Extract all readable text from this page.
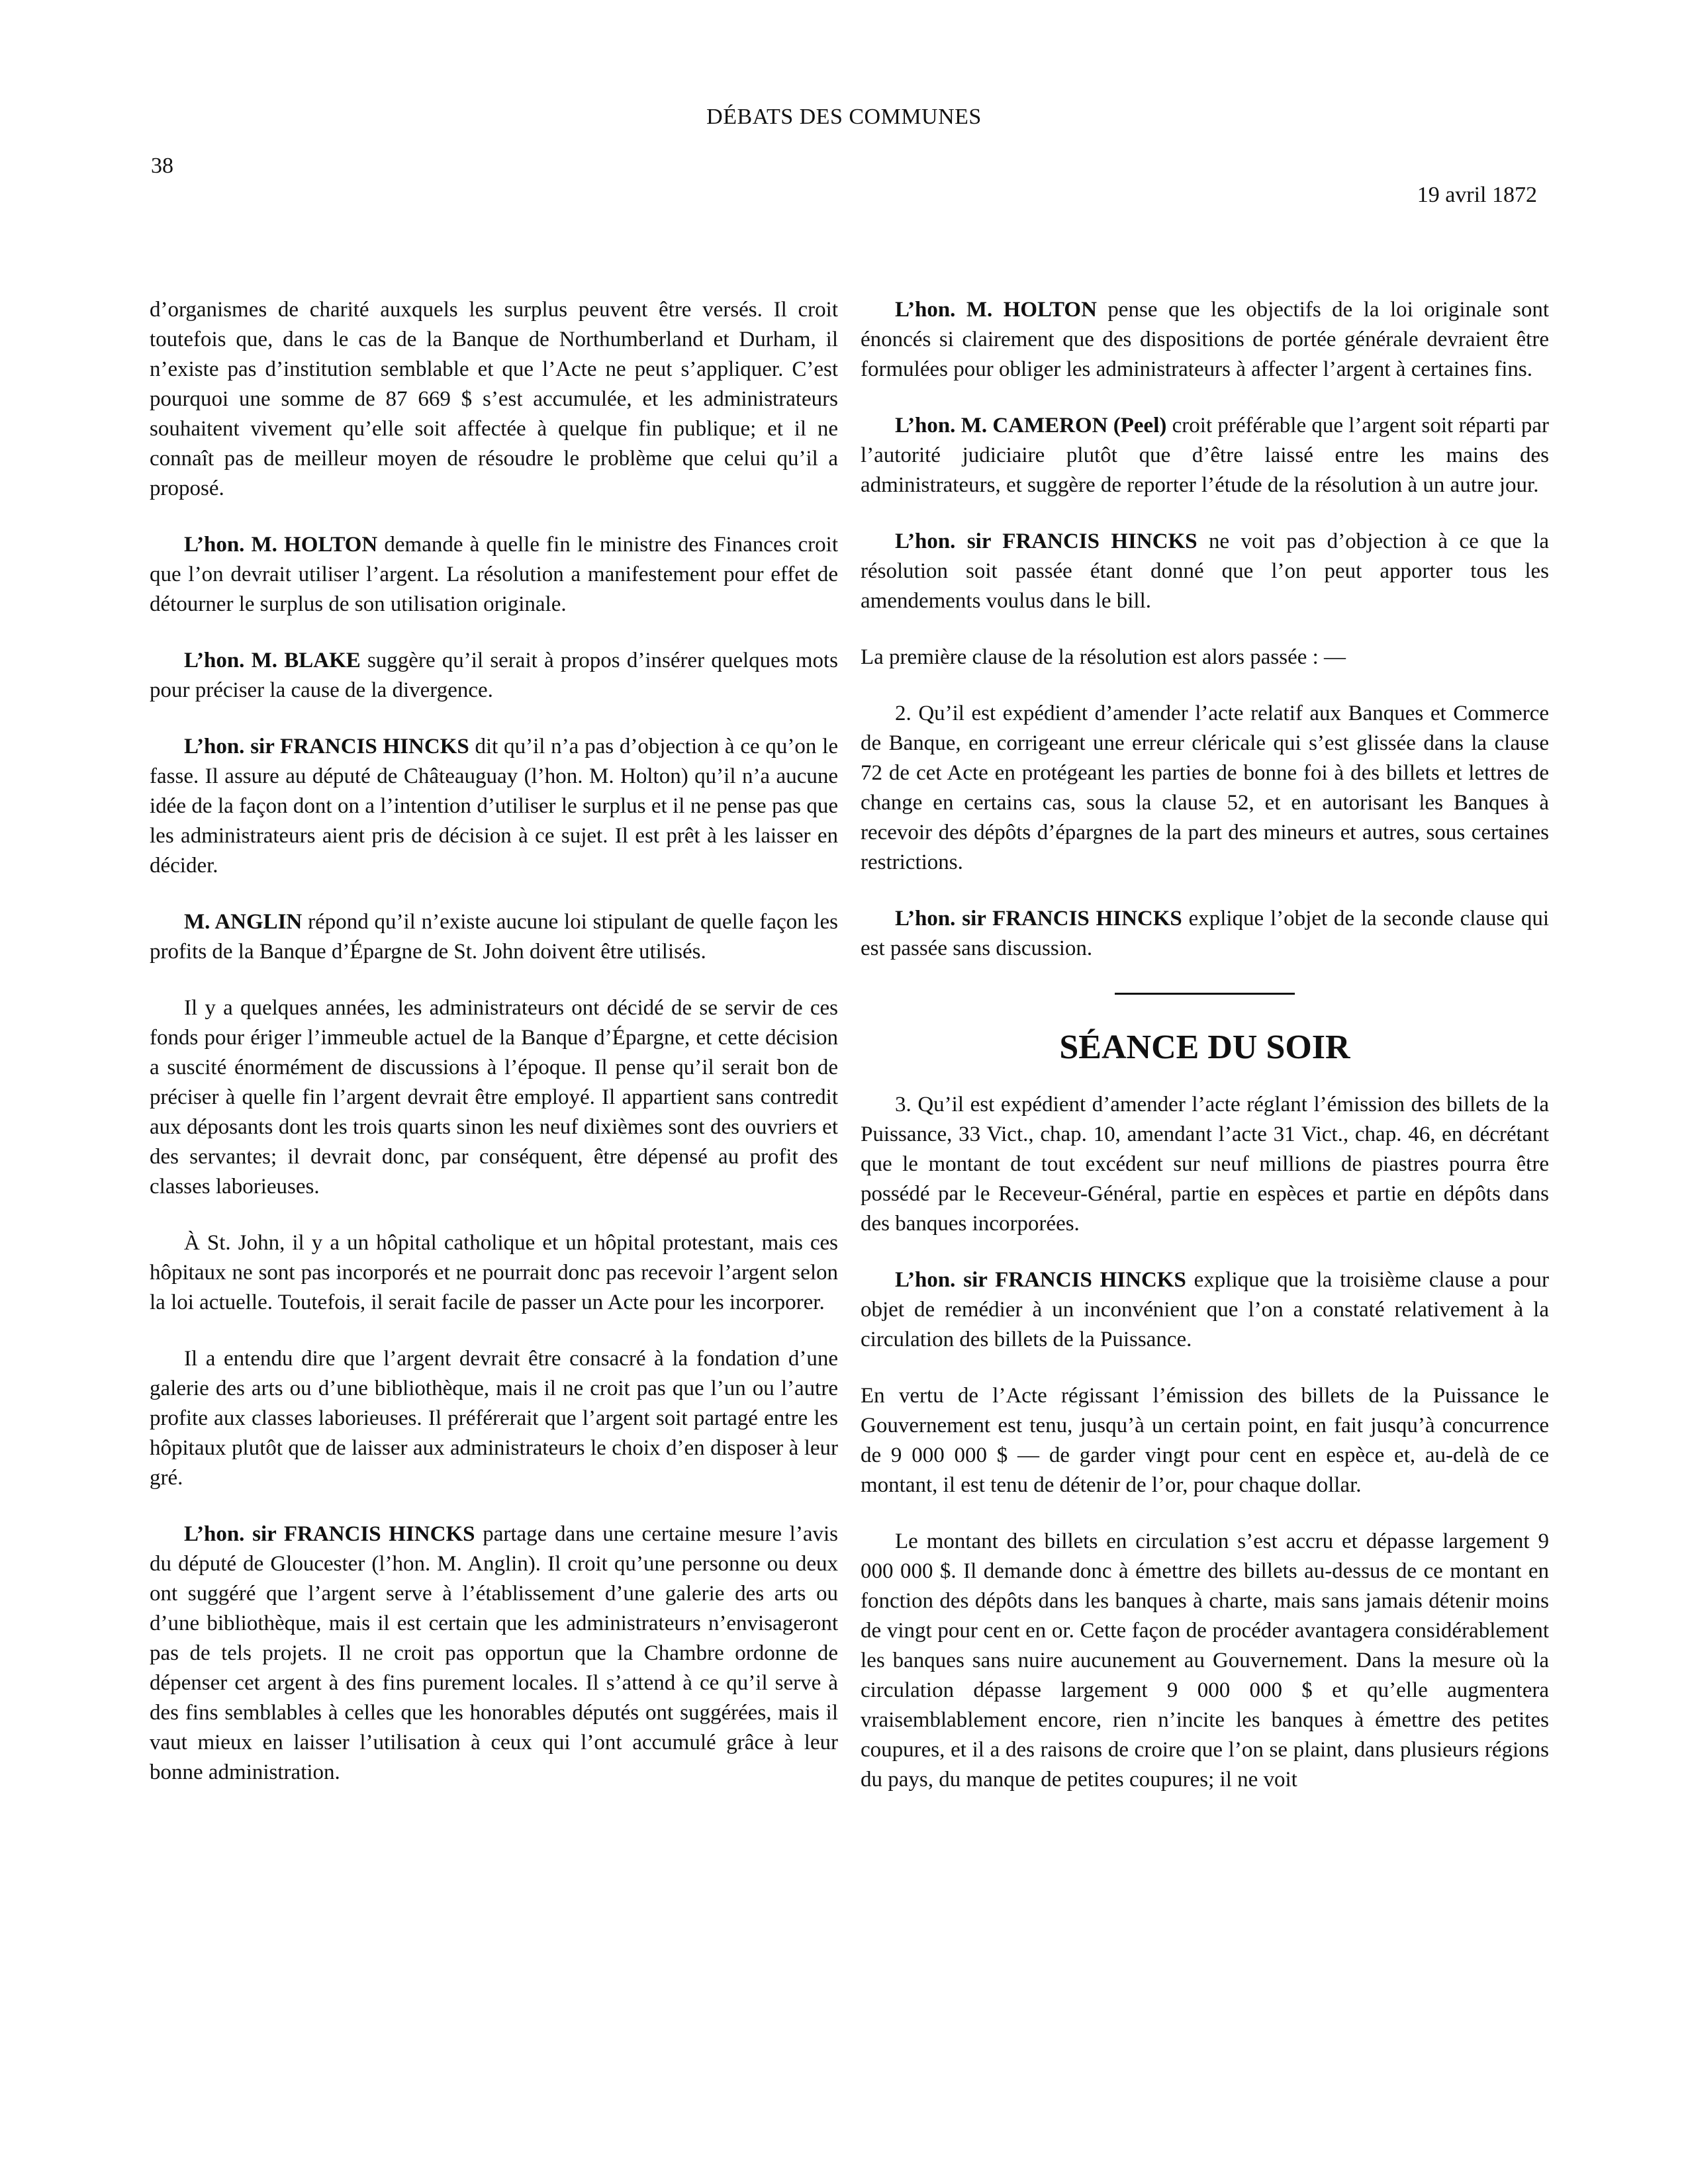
DÉBATS DES COMMUNES
38
19 avril 1872

d’organismes de charité auxquels les surplus peuvent être versés. Il croit toutefois que, dans le cas de la Banque de Northumberland et Durham, il n’existe pas d’institution semblable et que l’Acte ne peut s’appliquer. C’est pourquoi une somme de 87 669 $ s’est accumulée, et les administrateurs souhaitent vivement qu’elle soit affectée à quelque fin publique; et il ne connaît pas de meilleur moyen de résoudre le problème que celui qu’il a proposé.

L’hon. M. HOLTON demande à quelle fin le ministre des Finances croit que l’on devrait utiliser l’argent. La résolution a manifestement pour effet de détourner le surplus de son utilisation originale.

L’hon. M. BLAKE suggère qu’il serait à propos d’insérer quelques mots pour préciser la cause de la divergence.

L’hon. sir FRANCIS HINCKS dit qu’il n’a pas d’objection à ce qu’on le fasse. Il assure au député de Châteauguay (l’hon. M. Holton) qu’il n’a aucune idée de la façon dont on a l’intention d’utiliser le surplus et il ne pense pas que les administrateurs aient pris de décision à ce sujet. Il est prêt à les laisser en décider.

M. ANGLIN répond qu’il n’existe aucune loi stipulant de quelle façon les profits de la Banque d’Épargne de St. John doivent être utilisés.

Il y a quelques années, les administrateurs ont décidé de se servir de ces fonds pour ériger l’immeuble actuel de la Banque d’Épargne, et cette décision a suscité énormément de discussions à l’époque. Il pense qu’il serait bon de préciser à quelle fin l’argent devrait être employé. Il appartient sans contredit aux déposants dont les trois quarts sinon les neuf dixièmes sont des ouvriers et des servantes; il devrait donc, par conséquent, être dépensé au profit des classes laborieuses.

À St. John, il y a un hôpital catholique et un hôpital protestant, mais ces hôpitaux ne sont pas incorporés et ne pourrait donc pas recevoir l’argent selon la loi actuelle. Toutefois, il serait facile de passer un Acte pour les incorporer.

Il a entendu dire que l’argent devrait être consacré à la fondation d’une galerie des arts ou d’une bibliothèque, mais il ne croit pas que l’un ou l’autre profite aux classes laborieuses. Il préférerait que l’argent soit partagé entre les hôpitaux plutôt que de laisser aux administrateurs le choix d’en disposer à leur gré.

L’hon. sir FRANCIS HINCKS partage dans une certaine mesure l’avis du député de Gloucester (l’hon. M. Anglin). Il croit qu’une personne ou deux ont suggéré que l’argent serve à l’établissement d’une galerie des arts ou d’une bibliothèque, mais il est certain que les administrateurs n’envisageront pas de tels projets. Il ne croit pas opportun que la Chambre ordonne de dépenser cet argent à des fins purement locales. Il s’attend à ce qu’il serve à des fins semblables à celles que les honorables députés ont suggérées, mais il vaut mieux en laisser l’utilisation à ceux qui l’ont accumulé grâce à leur bonne administration.

L’hon. M. HOLTON pense que les objectifs de la loi originale sont énoncés si clairement que des dispositions de portée générale devraient être formulées pour obliger les administrateurs à affecter l’argent à certaines fins.

L’hon. M. CAMERON (Peel) croit préférable que l’argent soit réparti par l’autorité judiciaire plutôt que d’être laissé entre les mains des administrateurs, et suggère de reporter l’étude de la résolution à un autre jour.

L’hon. sir FRANCIS HINCKS ne voit pas d’objection à ce que la résolution soit passée étant donné que l’on peut apporter tous les amendements voulus dans le bill.

La première clause de la résolution est alors passée : —

2. Qu’il est expédient d’amender l’acte relatif aux Banques et Commerce de Banque, en corrigeant une erreur cléricale qui s’est glissée dans la clause 72 de cet Acte en protégeant les parties de bonne foi à des billets et lettres de change en certains cas, sous la clause 52, et en autorisant les Banques à recevoir des dépôts d’épargnes de la part des mineurs et autres, sous certaines restrictions.

L’hon. sir FRANCIS HINCKS explique l’objet de la seconde clause qui est passée sans discussion.

SÉANCE DU SOIR

3. Qu’il est expédient d’amender l’acte réglant l’émission des billets de la Puissance, 33 Vict., chap. 10, amendant l’acte 31 Vict., chap. 46, en décrétant que le montant de tout excédent sur neuf millions de piastres pourra être possédé par le Receveur-Général, partie en espèces et partie en dépôts dans des banques incorporées.

L’hon. sir FRANCIS HINCKS explique que la troisième clause a pour objet de remédier à un inconvénient que l’on a constaté relativement à la circulation des billets de la Puissance.

En vertu de l’Acte régissant l’émission des billets de la Puissance le Gouvernement est tenu, jusqu’à un certain point, en fait jusqu’à concurrence de 9 000 000 $ — de garder vingt pour cent en espèce et, au-delà de ce montant, il est tenu de détenir de l’or, pour chaque dollar.

Le montant des billets en circulation s’est accru et dépasse largement 9 000 000 $. Il demande donc à émettre des billets au-dessus de ce montant en fonction des dépôts dans les banques à charte, mais sans jamais détenir moins de vingt pour cent en or. Cette façon de procéder avantagera considérablement les banques sans nuire aucunement au Gouvernement. Dans la mesure où la circulation dépasse largement 9 000 000 $ et qu’elle augmentera vraisemblablement encore, rien n’incite les banques à émettre des petites coupures, et il a des raisons de croire que l’on se plaint, dans plusieurs régions du pays, du manque de petites coupures; il ne voit
